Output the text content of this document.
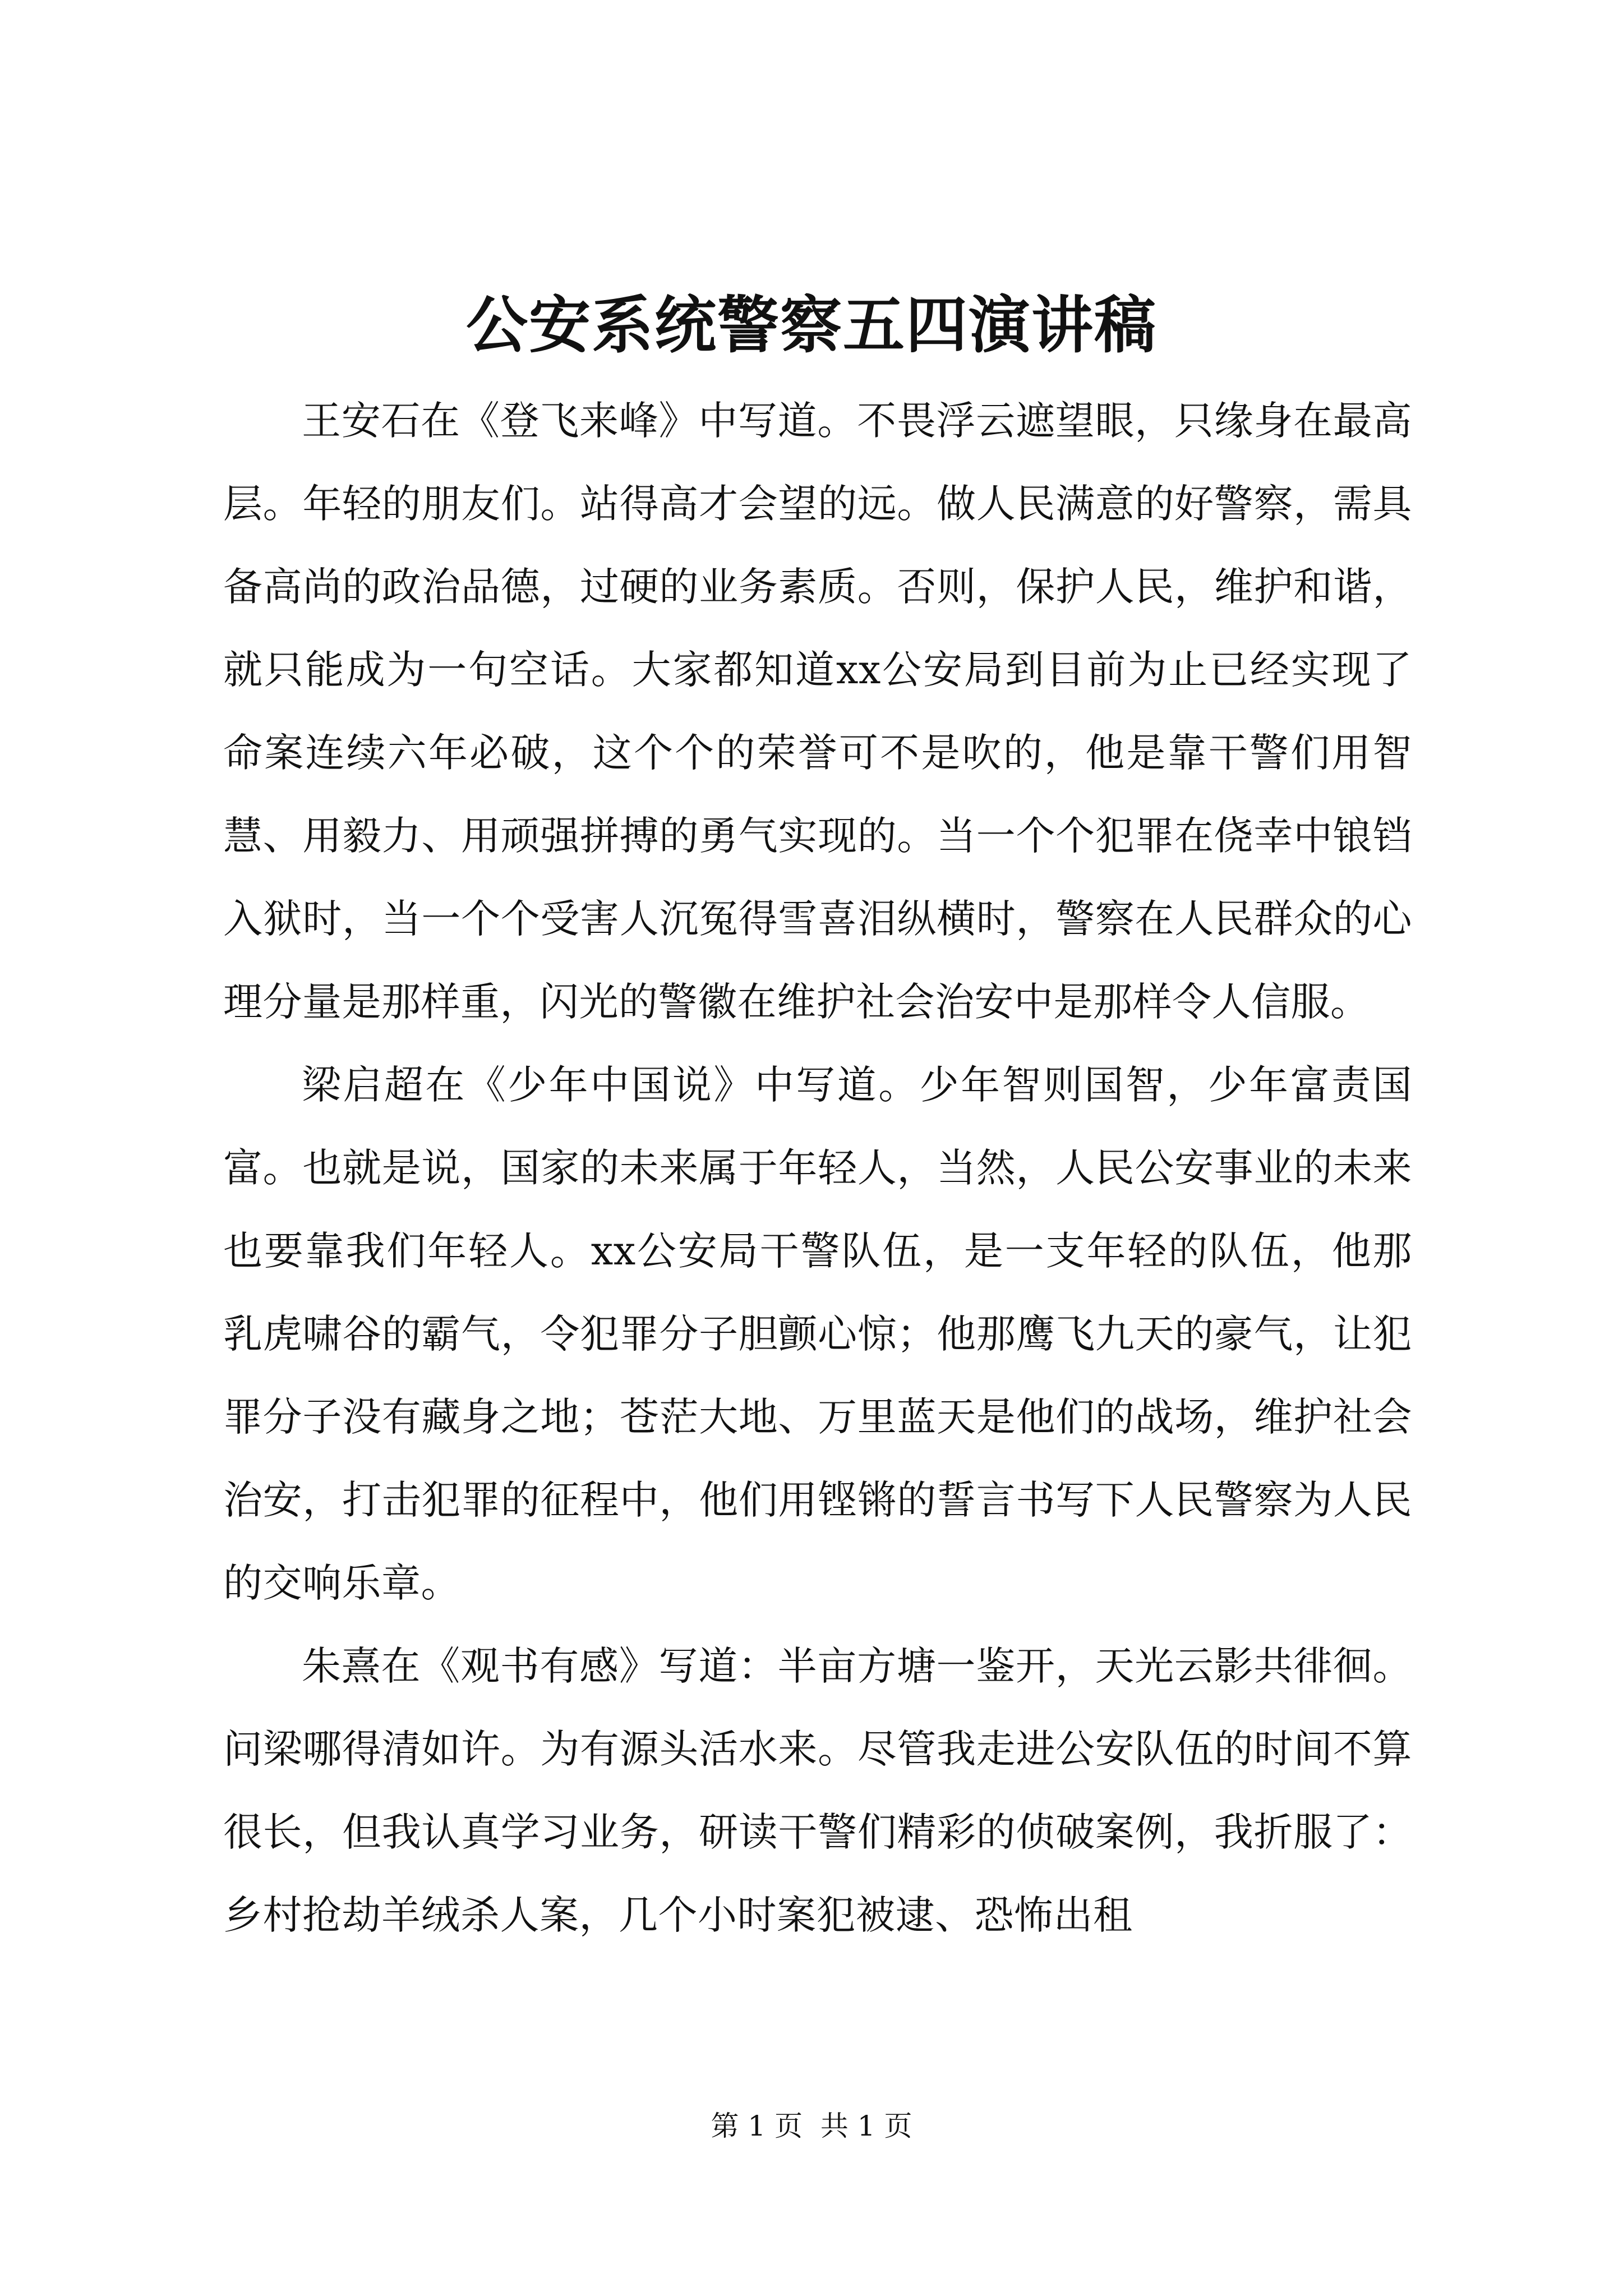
公安系统警察五四演讲稿

王安石在《登飞来峰》中写道。不畏浮云遮望眼，只缘身在最高层。年轻的朋友们。站得高才会望的远。做人民满意的好警察，需具备高尚的政治品德，过硬的业务素质。否则，保护人民，维护和谐，就只能成为一句空话。大家都知道xx公安局到目前为止已经实现了命案连续六年必破，这个个的荣誉可不是吹的，他是靠干警们用智慧、用毅力、用顽强拼搏的勇气实现的。当一个个犯罪在侥幸中锒铛入狱时，当一个个受害人沉冤得雪喜泪纵横时，警察在人民群众的心理分量是那样重，闪光的警徽在维护社会治安中是那样令人信服。

梁启超在《少年中国说》中写道。少年智则国智，少年富责国富。也就是说，国家的未来属于年轻人，当然，人民公安事业的未来也要靠我们年轻人。xx公安局干警队伍，是一支年轻的队伍，他那乳虎啸谷的霸气，令犯罪分子胆颤心惊；他那鹰飞九天的豪气，让犯罪分子没有藏身之地；苍茫大地、万里蓝天是他们的战场，维护社会治安，打击犯罪的征程中，他们用铿锵的誓言书写下人民警察为人民的交响乐章。

朱熹在《观书有感》写道：半亩方塘一鉴开，天光云影共徘徊。问梁哪得清如许。为有源头活水来。尽管我走进公安队伍的时间不算很长，但我认真学习业务，研读干警们精彩的侦破案例，我折服了：乡村抢劫羊绒杀人案，几个小时案犯被逮、恐怖出租

第 1 页  共 1 页
